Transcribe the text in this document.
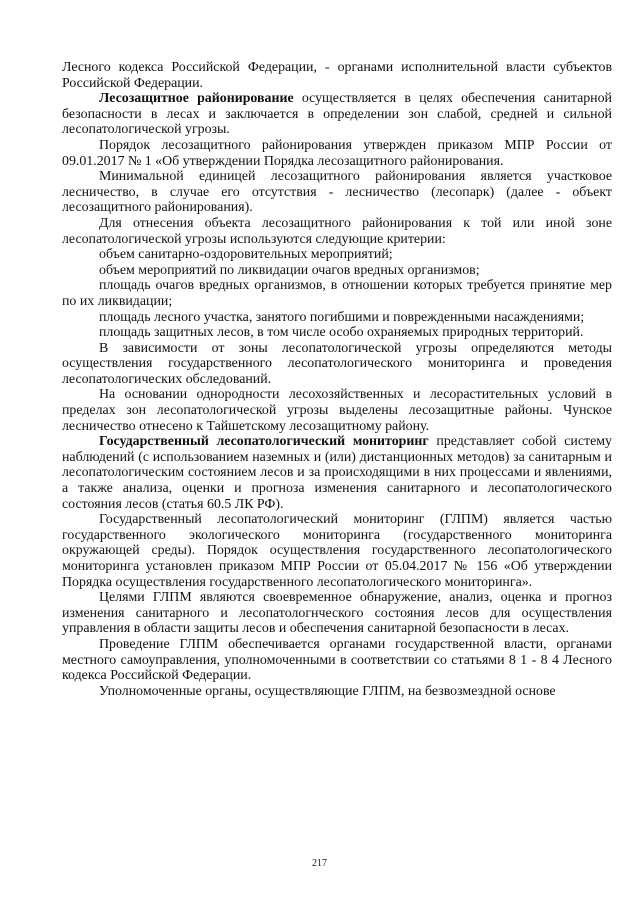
Лесного кодекса Российской Федерации, - органами исполнительной власти субъектов Российской Федерации.

Лесозащитное районирование осуществляется в целях обеспечения санитарной безопасности в лесах и заключается в определении зон слабой, средней и сильной лесопатологической угрозы.

Порядок лесозащитного районирования утвержден приказом МПР России от 09.01.2017 № 1 «Об утверждении Порядка лесозащитного районирования.

Минимальной единицей лесозащитного районирования является участковое лесничество, в случае его отсутствия - лесничество (лесопарк) (далее - объект лесозащитного районирования).

Для отнесения объекта лесозащитного районирования к той или иной зоне лесопатологической угрозы используются следующие критерии:

объем санитарно-оздоровительных мероприятий;

объем мероприятий по ликвидации очагов вредных организмов;

площадь очагов вредных организмов, в отношении которых требуется принятие мер по их ликвидации;

площадь лесного участка, занятого погибшими и поврежденными насаждениями;

площадь защитных лесов, в том числе особо охраняемых природных территорий.

В зависимости от зоны лесопатологической угрозы определяются методы осуществления государственного лесопатологического мониторинга и проведения лесопатологических обследований.

На основании однородности лесохозяйственных и лесорастительных условий в пределах зон лесопатологической угрозы выделены лесозащитные районы. Чунское лесничество отнесено к Тайшетскому лесозащитному району.

Государственный лесопатологический мониторинг представляет собой систему наблюдений (с использованием наземных и (или) дистанционных методов) за санитарным и лесопатологическим состоянием лесов и за происходящими в них процессами и явлениями, а также анализа, оценки и прогноза изменения санитарного и лесопатологического состояния лесов (статья 60.5 ЛК РФ).

Государственный лесопатологический мониторинг (ГЛПМ) является частью государственного экологического мониторинга (государственного мониторинга окружающей среды). Порядок осуществления государственного лесопатологического мониторинга установлен приказом МПР России от 05.04.2017 № 156 «Об утверждении Порядка осуществления государственного лесопатологического мониторинга».

Целями ГЛПМ являются своевременное обнаружение, анализ, оценка и прогноз изменения санитарного и лесопатологнческого состояния лесов для осуществления управления в области защиты лесов и обеспечения санитарной безопасности в лесах.

Проведение ГЛПМ обеспечивается органами государственной власти, органами местного самоуправления, уполномоченными в соответствии со статьями 8 1 - 8 4 Лесного кодекса Российской Федерации.

Уполномоченные органы, осуществляющие ГЛПМ, на безвозмездной основе

217
